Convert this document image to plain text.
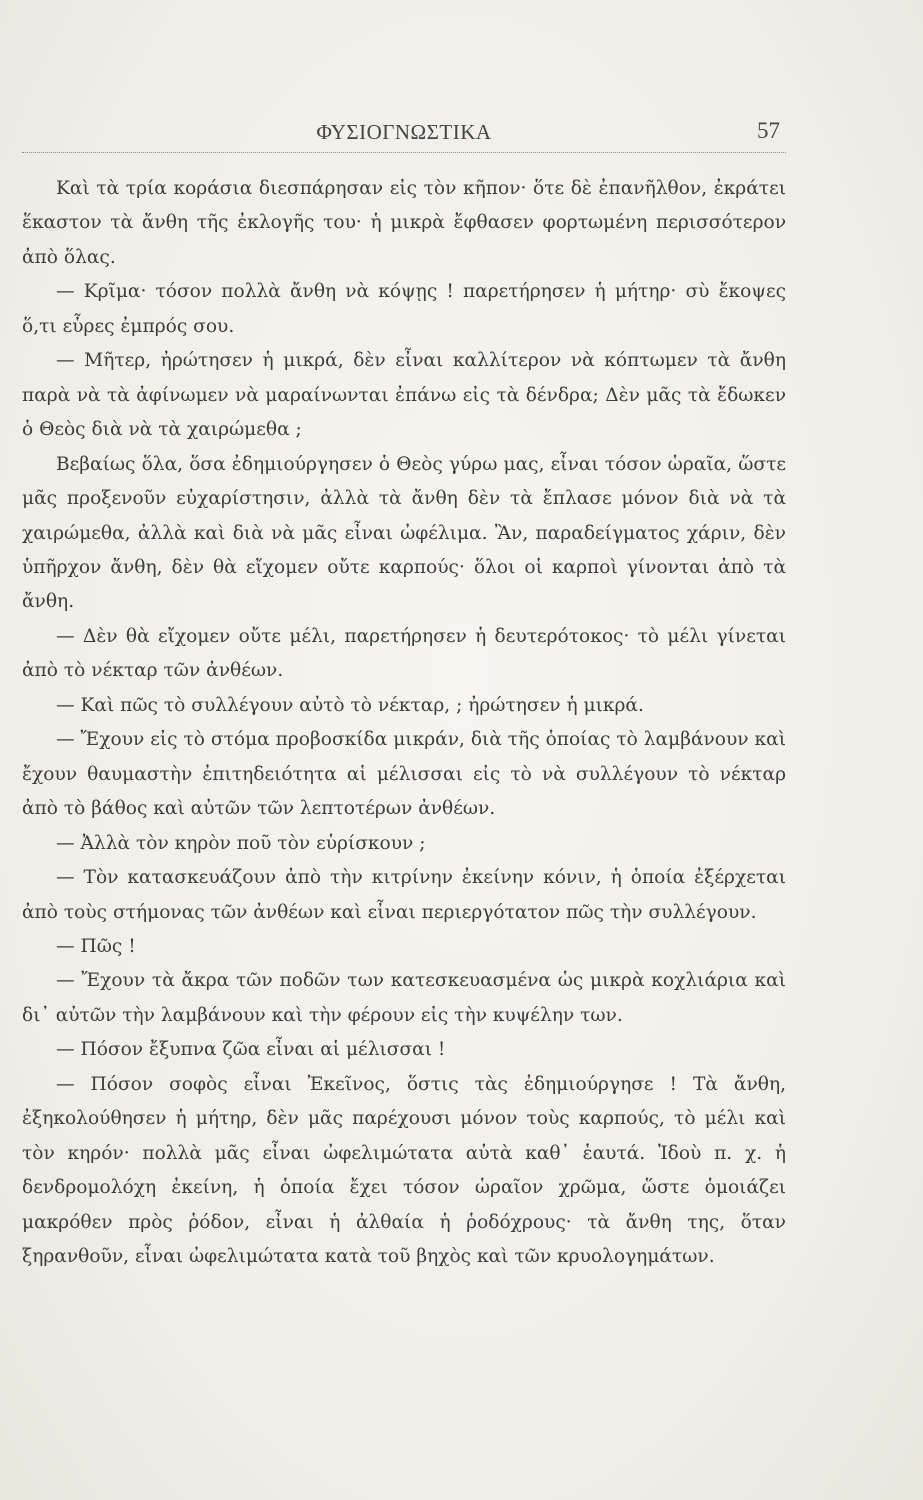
ΦΥΣΙΟΓΝΩΣΤΙΚΑ	57

Καὶ τὰ τρία κοράσια διεσπάρησαν εἰς τὸν κῆπον· ὅτε δὲ ἐπανῆλθον, ἐκράτει ἕκαστον τὰ ἄνθη τῆς ἐκλογῆς του· ἡ μικρὰ ἔφθασεν φορτωμένη περισσότερον ἀπὸ ὅλας.

— Κρῖμα· τόσον πολλὰ ἄνθη νὰ κόψῃς ! παρετήρησεν ἡ μήτηρ· σὺ ἔκοψες ὅ,τι εὗρες ἐμπρός σου.

— Μῆτερ, ἠρώτησεν ἡ μικρά, δὲν εἶναι καλλίτερον νὰ κόπτωμεν τὰ ἄνθη παρὰ νὰ τὰ ἀφίνωμεν νὰ μαραίνωνται ἐπάνω εἰς τὰ δένδρα; Δὲν μᾶς τὰ ἔδωκεν ὁ Θεὸς διὰ νὰ τὰ χαιρώμεθα ;

Βεβαίως ὅλα, ὅσα ἐδημιούργησεν ὁ Θεὸς γύρω μας, εἶναι τόσον ὡραῖα, ὥστε μᾶς προξενοῦν εὐχαρίστησιν, ἀλλὰ τὰ ἄνθη δὲν τὰ ἔπλασε μόνον διὰ νὰ τὰ χαιρώμεθα, ἀλλὰ καὶ διὰ νὰ μᾶς εἶναι ὠφέλιμα. Ἂν, παραδείγματος χάριν, δὲν ὑπῆρχον ἄνθη, δὲν θὰ εἴχομεν οὔτε καρπούς· ὅλοι οἱ καρποὶ γίνονται ἀπὸ τὰ ἄνθη.

— Δὲν θὰ εἴχομεν οὔτε μέλι, παρετήρησεν ἡ δευτερότοκος· τὸ μέλι γίνεται ἀπὸ τὸ νέκταρ τῶν ἀνθέων.

— Καὶ πῶς τὸ συλλέγουν αὐτὸ τὸ νέκταρ, ; ἠρώτησεν ἡ μικρά.

— Ἔχουν εἰς τὸ στόμα προβοσκίδα μικράν, διὰ τῆς ὁποίας τὸ λαμβάνουν καὶ ἔχουν θαυμαστὴν ἐπιτηδειότητα αἱ μέλισσαι εἰς τὸ νὰ συλλέγουν τὸ νέκταρ ἀπὸ τὸ βάθος καὶ αὐτῶν τῶν λεπτοτέρων ἀνθέων.

— Ἀλλὰ τὸν κηρὸν ποῦ τὸν εὑρίσκουν ;

— Τὸν κατασκευάζουν ἀπὸ τὴν κιτρίνην ἐκείνην κόνιν, ἡ ὁποία ἐξέρχεται ἀπὸ τοὺς στήμονας τῶν ἀνθέων καὶ εἶναι περιεργότατον πῶς τὴν συλλέγουν.

— Πῶς !

— Ἔχουν τὰ ἄκρα τῶν ποδῶν των κατεσκευασμένα ὡς μικρὰ κοχλιάρια καὶ δι᾽ αὐτῶν τὴν λαμβάνουν καὶ τὴν φέρουν εἰς τὴν κυψέλην των.

— Πόσον ἔξυπνα ζῶα εἶναι αἱ μέλισσαι !

— Πόσον σοφὸς εἶναι Ἐκεῖνος, ὅστις τὰς ἐδημιούργησε ! Τὰ ἄνθη, ἐξηκολούθησεν ἡ μήτηρ, δὲν μᾶς παρέχουσι μόνον τοὺς καρπούς, τὸ μέλι καὶ τὸν κηρόν· πολλὰ μᾶς εἶναι ὠφελιμώτατα αὐτὰ καθ᾽ ἑαυτά. Ἰδοὺ π. χ. ἡ δενδρομολόχη ἐκείνη, ἡ ὁποία ἔχει τόσον ὡραῖον χρῶμα, ὥστε ὁμοιάζει μακρόθεν πρὸς ῥόδον, εἶναι ἡ ἀλθαία ἡ ῥοδόχρους· τὰ ἄνθη της, ὅταν ξηρανθοῦν, εἶναι ὠφελιμώτατα κατὰ τοῦ βηχὸς καὶ τῶν κρυολογημάτων.
